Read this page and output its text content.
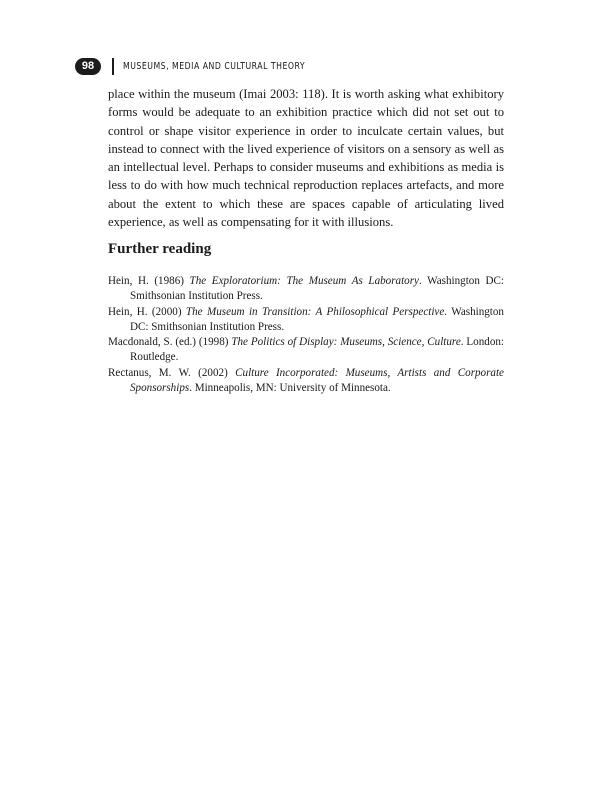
98	MUSEUMS, MEDIA AND CULTURAL THEORY

place within the museum (Imai 2003: 118). It is worth asking what exhibitory forms would be adequate to an exhibition practice which did not set out to control or shape visitor experience in order to inculcate certain values, but instead to connect with the lived experience of visitors on a sensory as well as an intellectual level. Perhaps to consider museums and exhibitions as media is less to do with how much technical reproduction replaces artefacts, and more about the extent to which these are spaces capable of articulating lived experience, as well as compensating for it with illusions.

Further reading
Hein, H. (1986) The Exploratorium: The Museum As Laboratory. Washington DC: Smithsonian Institution Press.
Hein, H. (2000) The Museum in Transition: A Philosophical Perspective. Washington DC: Smithsonian Institution Press.
Macdonald, S. (ed.) (1998) The Politics of Display: Museums, Science, Culture. London: Routledge.
Rectanus, M. W. (2002) Culture Incorporated: Museums, Artists and Corporate Sponsorships. Minneapolis, MN: University of Minnesota.
